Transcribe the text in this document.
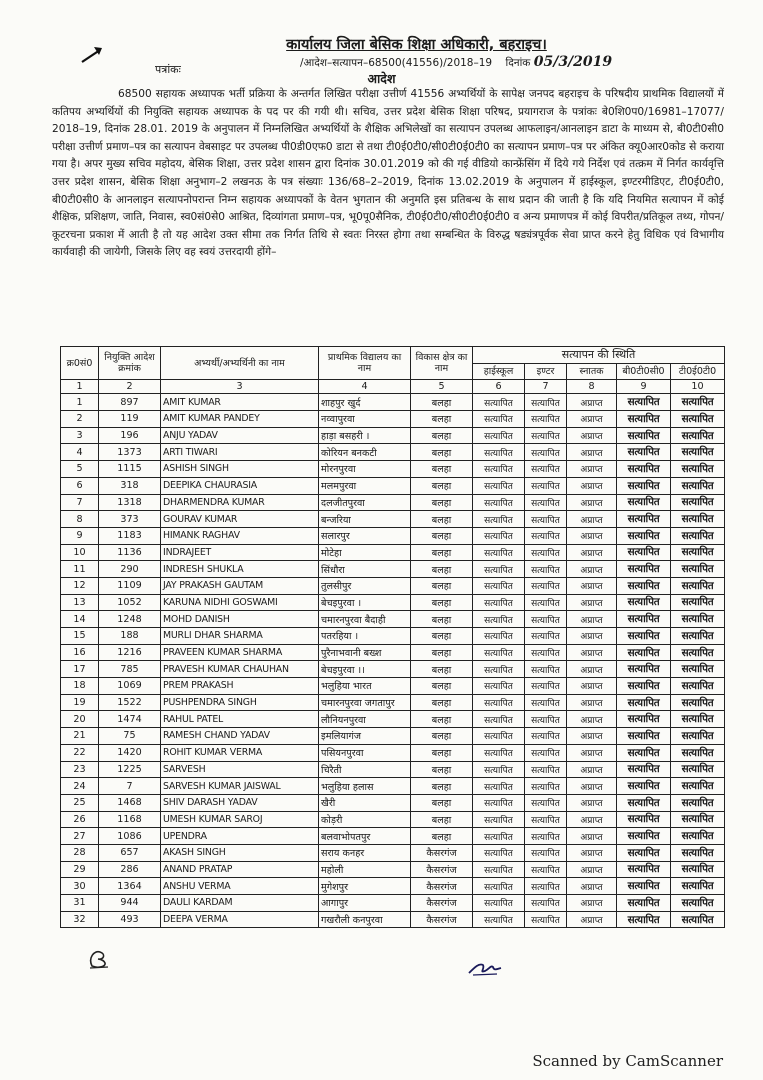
कार्यालय जिला बेसिक शिक्षा अधिकारी, बहराइच।
पत्रांकः	/आदेश–सत्यापन–68500(41556)/2018–19 दिनांक 05/3/2019
आदेश

68500 सहायक अध्यापक भर्ती प्रक्रिया के अन्तर्गत लिखित परीक्षा उत्तीर्ण 41556 अभ्यर्थियों के सापेक्ष जनपद बहराइच के परिषदीय प्राथमिक विद्यालयों में कतिपय अभ्यर्थियों की नियुक्ति सहायक अध्यापक के पद पर की गयी थी। सचिव, उत्तर प्रदेश बेसिक शिक्षा परिषद, प्रयागराज के पत्रांकः बे0शि0प0/16981–17077/ 2018–19, दिनांक 28.01. 2019 के अनुपालन में निम्नलिखित अभ्यर्थियों के शैक्षिक अभिलेखों का सत्यापन उपलब्ध आफलाइन/आनलाइन डाटा के माध्यम से, बी0टी0सी0 परीक्षा उत्तीर्ण प्रमाण–पत्र का सत्यापन वेबसाइट पर उपलब्ध पी0डी0एफ0 डाटा से तथा टी0ई0टी0/सी0टी0ई0टी0 का सत्यापन प्रमाण–पत्र पर अंकित क्यू0आर0कोड से कराया गया है। अपर मुख्य सचिव महोदय, बेसिक शिक्षा, उत्तर प्रदेश शासन द्वारा दिनांक 30.01.2019 को की गई वीडियो कान्फ्रेंसिंग में दिये गये निर्देश एवं तत्क्रम में निर्गत कार्यवृत्ति उत्तर प्रदेश शासन, बेसिक शिक्षा अनुभाग–2 लखनऊ के पत्र संख्याः 136/68–2–2019, दिनांक 13.02.2019 के अनुपालन में हाईस्कूल, इण्टरमीडिएट, टी0ई0टी0, बी0टी0सी0 के आनलाइन सत्यापनोपरान्त निम्न सहायक अध्यापकों के वेतन भुगतान की अनुमति इस प्रतिबन्ध के साथ प्रदान की जाती है कि यदि नियमित सत्यापन में कोई शैक्षिक, प्रशिक्षण, जाति, निवास, स्व0सं0से0 आश्रित, दिव्यांगता प्रमाण–पत्र, भू0पू0सैनिक, टी0ई0टी0/सी0टी0ई0टी0 व अन्य प्रमाणपत्र में कोई विपरीत/प्रतिकूल तथ्य, गोपन/कूटरचना प्रकाश में आती है तो यह आदेश उक्त सीमा तक निर्गत तिथि से स्वतः निरस्त होगा तथा सम्बन्धित के विरुद्ध षड्यंत्रपूर्वक सेवा प्राप्त करने हेतु विधिक एवं विभागीय कार्यवाही की जायेगी, जिसके लिए वह स्वयं उत्तरदायी होंगे–

क्र0सं0	नियुक्ति आदेश क्रमांक	अभ्यर्थी/अभ्यर्थिनी का नाम	प्राथमिक विद्यालय का नाम	विकास क्षेत्र का नाम	सत्यापन की स्थिति				
					हाईस्कूल	इण्टर	स्नातक	बी0टी0सी0	टी0ई0टी0
1	2	3	4	5	6	7	8	9	10
1	897	AMIT KUMAR	शाहपुर खुर्द	बलहा	सत्यापित	सत्यापित	अप्राप्त	सत्यापित	सत्यापित
2	119	AMIT KUMAR PANDEY	नव्वापुरवा	बलहा	सत्यापित	सत्यापित	अप्राप्त	सत्यापित	सत्यापित
3	196	ANJU YADAV	हाड़ा बसहरी ।	बलहा	सत्यापित	सत्यापित	अप्राप्त	सत्यापित	सत्यापित
4	1373	ARTI TIWARI	कोरियन बनकटी	बलहा	सत्यापित	सत्यापित	अप्राप्त	सत्यापित	सत्यापित
5	1115	ASHISH SINGH	मोरनपुरवा	बलहा	सत्यापित	सत्यापित	अप्राप्त	सत्यापित	सत्यापित
6	318	DEEPIKA CHAURASIA	मलमपुरवा	बलहा	सत्यापित	सत्यापित	अप्राप्त	सत्यापित	सत्यापित
7	1318	DHARMENDRA KUMAR	दलजीतपुरवा	बलहा	सत्यापित	सत्यापित	अप्राप्त	सत्यापित	सत्यापित
8	373	GOURAV KUMAR	बन्जरिया	बलहा	सत्यापित	सत्यापित	अप्राप्त	सत्यापित	सत्यापित
9	1183	HIMANK RAGHAV	सलारपुर	बलहा	सत्यापित	सत्यापित	अप्राप्त	सत्यापित	सत्यापित
10	1136	INDRAJEET	मोटेहा	बलहा	सत्यापित	सत्यापित	अप्राप्त	सत्यापित	सत्यापित
11	290	INDRESH SHUKLA	सिंधौरा	बलहा	सत्यापित	सत्यापित	अप्राप्त	सत्यापित	सत्यापित
12	1109	JAY PRAKASH GAUTAM	तुलसीपुर	बलहा	सत्यापित	सत्यापित	अप्राप्त	सत्यापित	सत्यापित
13	1052	KARUNA NIDHI GOSWAMI	बेचइपुरवा ।	बलहा	सत्यापित	सत्यापित	अप्राप्त	सत्यापित	सत्यापित
14	1248	MOHD DANISH	चमारनपुरवा बैदाही	बलहा	सत्यापित	सत्यापित	अप्राप्त	सत्यापित	सत्यापित
15	188	MURLI DHAR SHARMA	पतरहिया ।	बलहा	सत्यापित	सत्यापित	अप्राप्त	सत्यापित	सत्यापित
16	1216	PRAVEEN KUMAR SHARMA	पुरैनाभवानी बख्श	बलहा	सत्यापित	सत्यापित	अप्राप्त	सत्यापित	सत्यापित
17	785	PRAVESH KUMAR CHAUHAN	बेचइपुरवा ।।	बलहा	सत्यापित	सत्यापित	अप्राप्त	सत्यापित	सत्यापित
18	1069	PREM PRAKASH	भलुहिया भारत	बलहा	सत्यापित	सत्यापित	अप्राप्त	सत्यापित	सत्यापित
19	1522	PUSHPENDRA SINGH	चमारनपुरवा जगतापुर	बलहा	सत्यापित	सत्यापित	अप्राप्त	सत्यापित	सत्यापित
20	1474	RAHUL PATEL	लौनियनपुरवा	बलहा	सत्यापित	सत्यापित	अप्राप्त	सत्यापित	सत्यापित
21	75	RAMESH CHAND YADAV	इमलियागंज	बलहा	सत्यापित	सत्यापित	अप्राप्त	सत्यापित	सत्यापित
22	1420	ROHIT KUMAR VERMA	पसियनपुरवा	बलहा	सत्यापित	सत्यापित	अप्राप्त	सत्यापित	सत्यापित
23	1225	SARVESH	चिरैती	बलहा	सत्यापित	सत्यापित	अप्राप्त	सत्यापित	सत्यापित
24	7	SARVESH KUMAR JAISWAL	भलुहिया हलास	बलहा	सत्यापित	सत्यापित	अप्राप्त	सत्यापित	सत्यापित
25	1468	SHIV DARASH YADAV	खैरी	बलहा	सत्यापित	सत्यापित	अप्राप्त	सत्यापित	सत्यापित
26	1168	UMESH KUMAR SAROJ	कोड़री	बलहा	सत्यापित	सत्यापित	अप्राप्त	सत्यापित	सत्यापित
27	1086	UPENDRA	बलवाभोपतपुर	बलहा	सत्यापित	सत्यापित	अप्राप्त	सत्यापित	सत्यापित
28	657	AKASH SINGH	सराय कनहर	कैसरगंज	सत्यापित	सत्यापित	अप्राप्त	सत्यापित	सत्यापित
29	286	ANAND PRATAP	महोली	कैसरगंज	सत्यापित	सत्यापित	अप्राप्त	सत्यापित	सत्यापित
30	1364	ANSHU VERMA	मुगेशपुर	कैसरगंज	सत्यापित	सत्यापित	अप्राप्त	सत्यापित	सत्यापित
31	944	DAULI KARDAM	आगापुर	कैसरगंज	सत्यापित	सत्यापित	अप्राप्त	सत्यापित	सत्यापित
32	493	DEEPA VERMA	गखरौली कनपुरवा	कैसरगंज	सत्यापित	सत्यापित	अप्राप्त	सत्यापित	सत्यापित
Scanned by CamScanner
